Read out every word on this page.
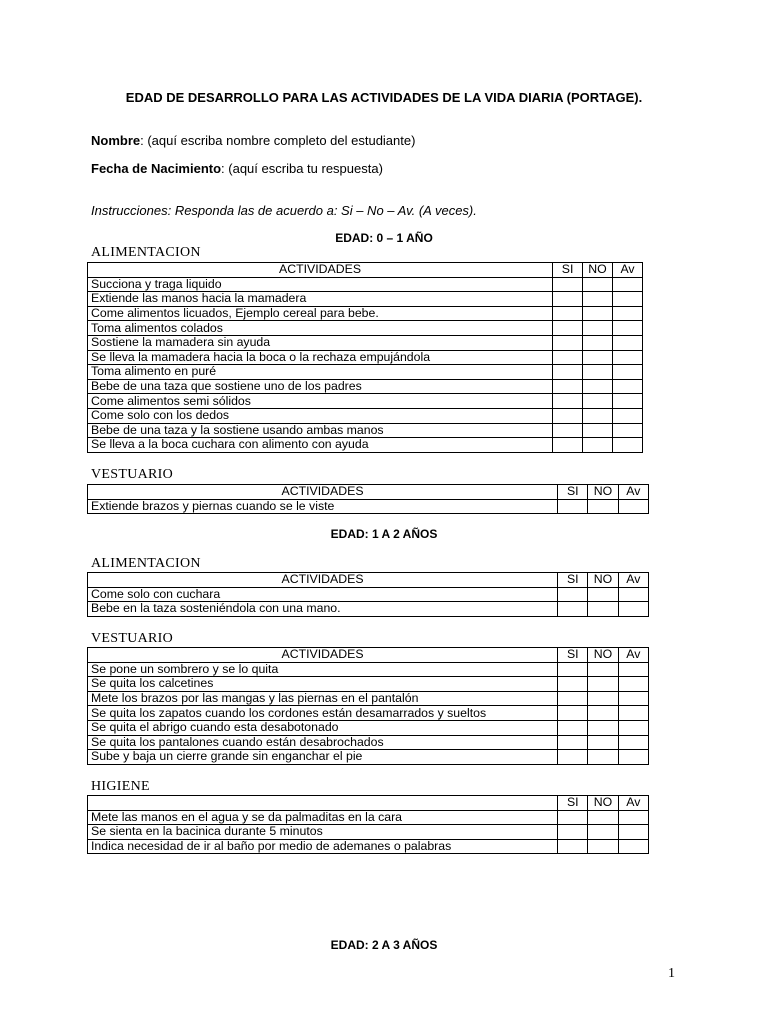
EDAD DE DESARROLLO PARA LAS ACTIVIDADES DE LA VIDA DIARIA (PORTAGE).
Nombre: (aquí escriba nombre completo del estudiante)
Fecha de Nacimiento: (aquí escriba tu respuesta)
Instrucciones: Responda las de acuerdo a: Si – No – Av. (A veces).
EDAD: 0 – 1 AÑO
ALIMENTACION
ACTIVIDADES	SI	NO	Av
Succiona y traga liquido			
Extiende las manos hacia la mamadera			
Come alimentos licuados, Ejemplo cereal para bebe.			
Toma alimentos colados			
Sostiene la mamadera sin ayuda			
Se lleva la mamadera hacia la boca o la rechaza empujándola			
Toma alimento en puré			
Bebe de una taza que sostiene uno de los padres			
Come alimentos semi sólidos			
Come solo con los dedos			
Bebe de una taza y la sostiene usando ambas manos			
Se lleva a la boca cuchara con alimento con ayuda			
VESTUARIO
ACTIVIDADES	SI	NO	Av
Extiende brazos y piernas cuando se le viste			
EDAD: 1 A 2 AÑOS
ALIMENTACION
ACTIVIDADES	SI	NO	Av
Come solo con cuchara			
Bebe en la taza sosteniéndola con una mano.			
VESTUARIO
ACTIVIDADES	SI	NO	Av
Se pone un sombrero y se lo quita			
Se quita los calcetines			
Mete los brazos por las mangas y las piernas en el pantalón			
Se quita los zapatos cuando los cordones están desamarrados y sueltos			
Se quita el abrigo cuando esta desabotonado			
Se quita los pantalones cuando están desabrochados			
Sube y baja un cierre grande sin enganchar el pie			
HIGIENE
	SI	NO	Av
Mete las manos en el agua y se da palmaditas en la cara			
Se sienta en la bacinica durante 5 minutos			
Indica necesidad de ir al baño por medio de ademanes o palabras			
EDAD: 2 A 3 AÑOS
1
